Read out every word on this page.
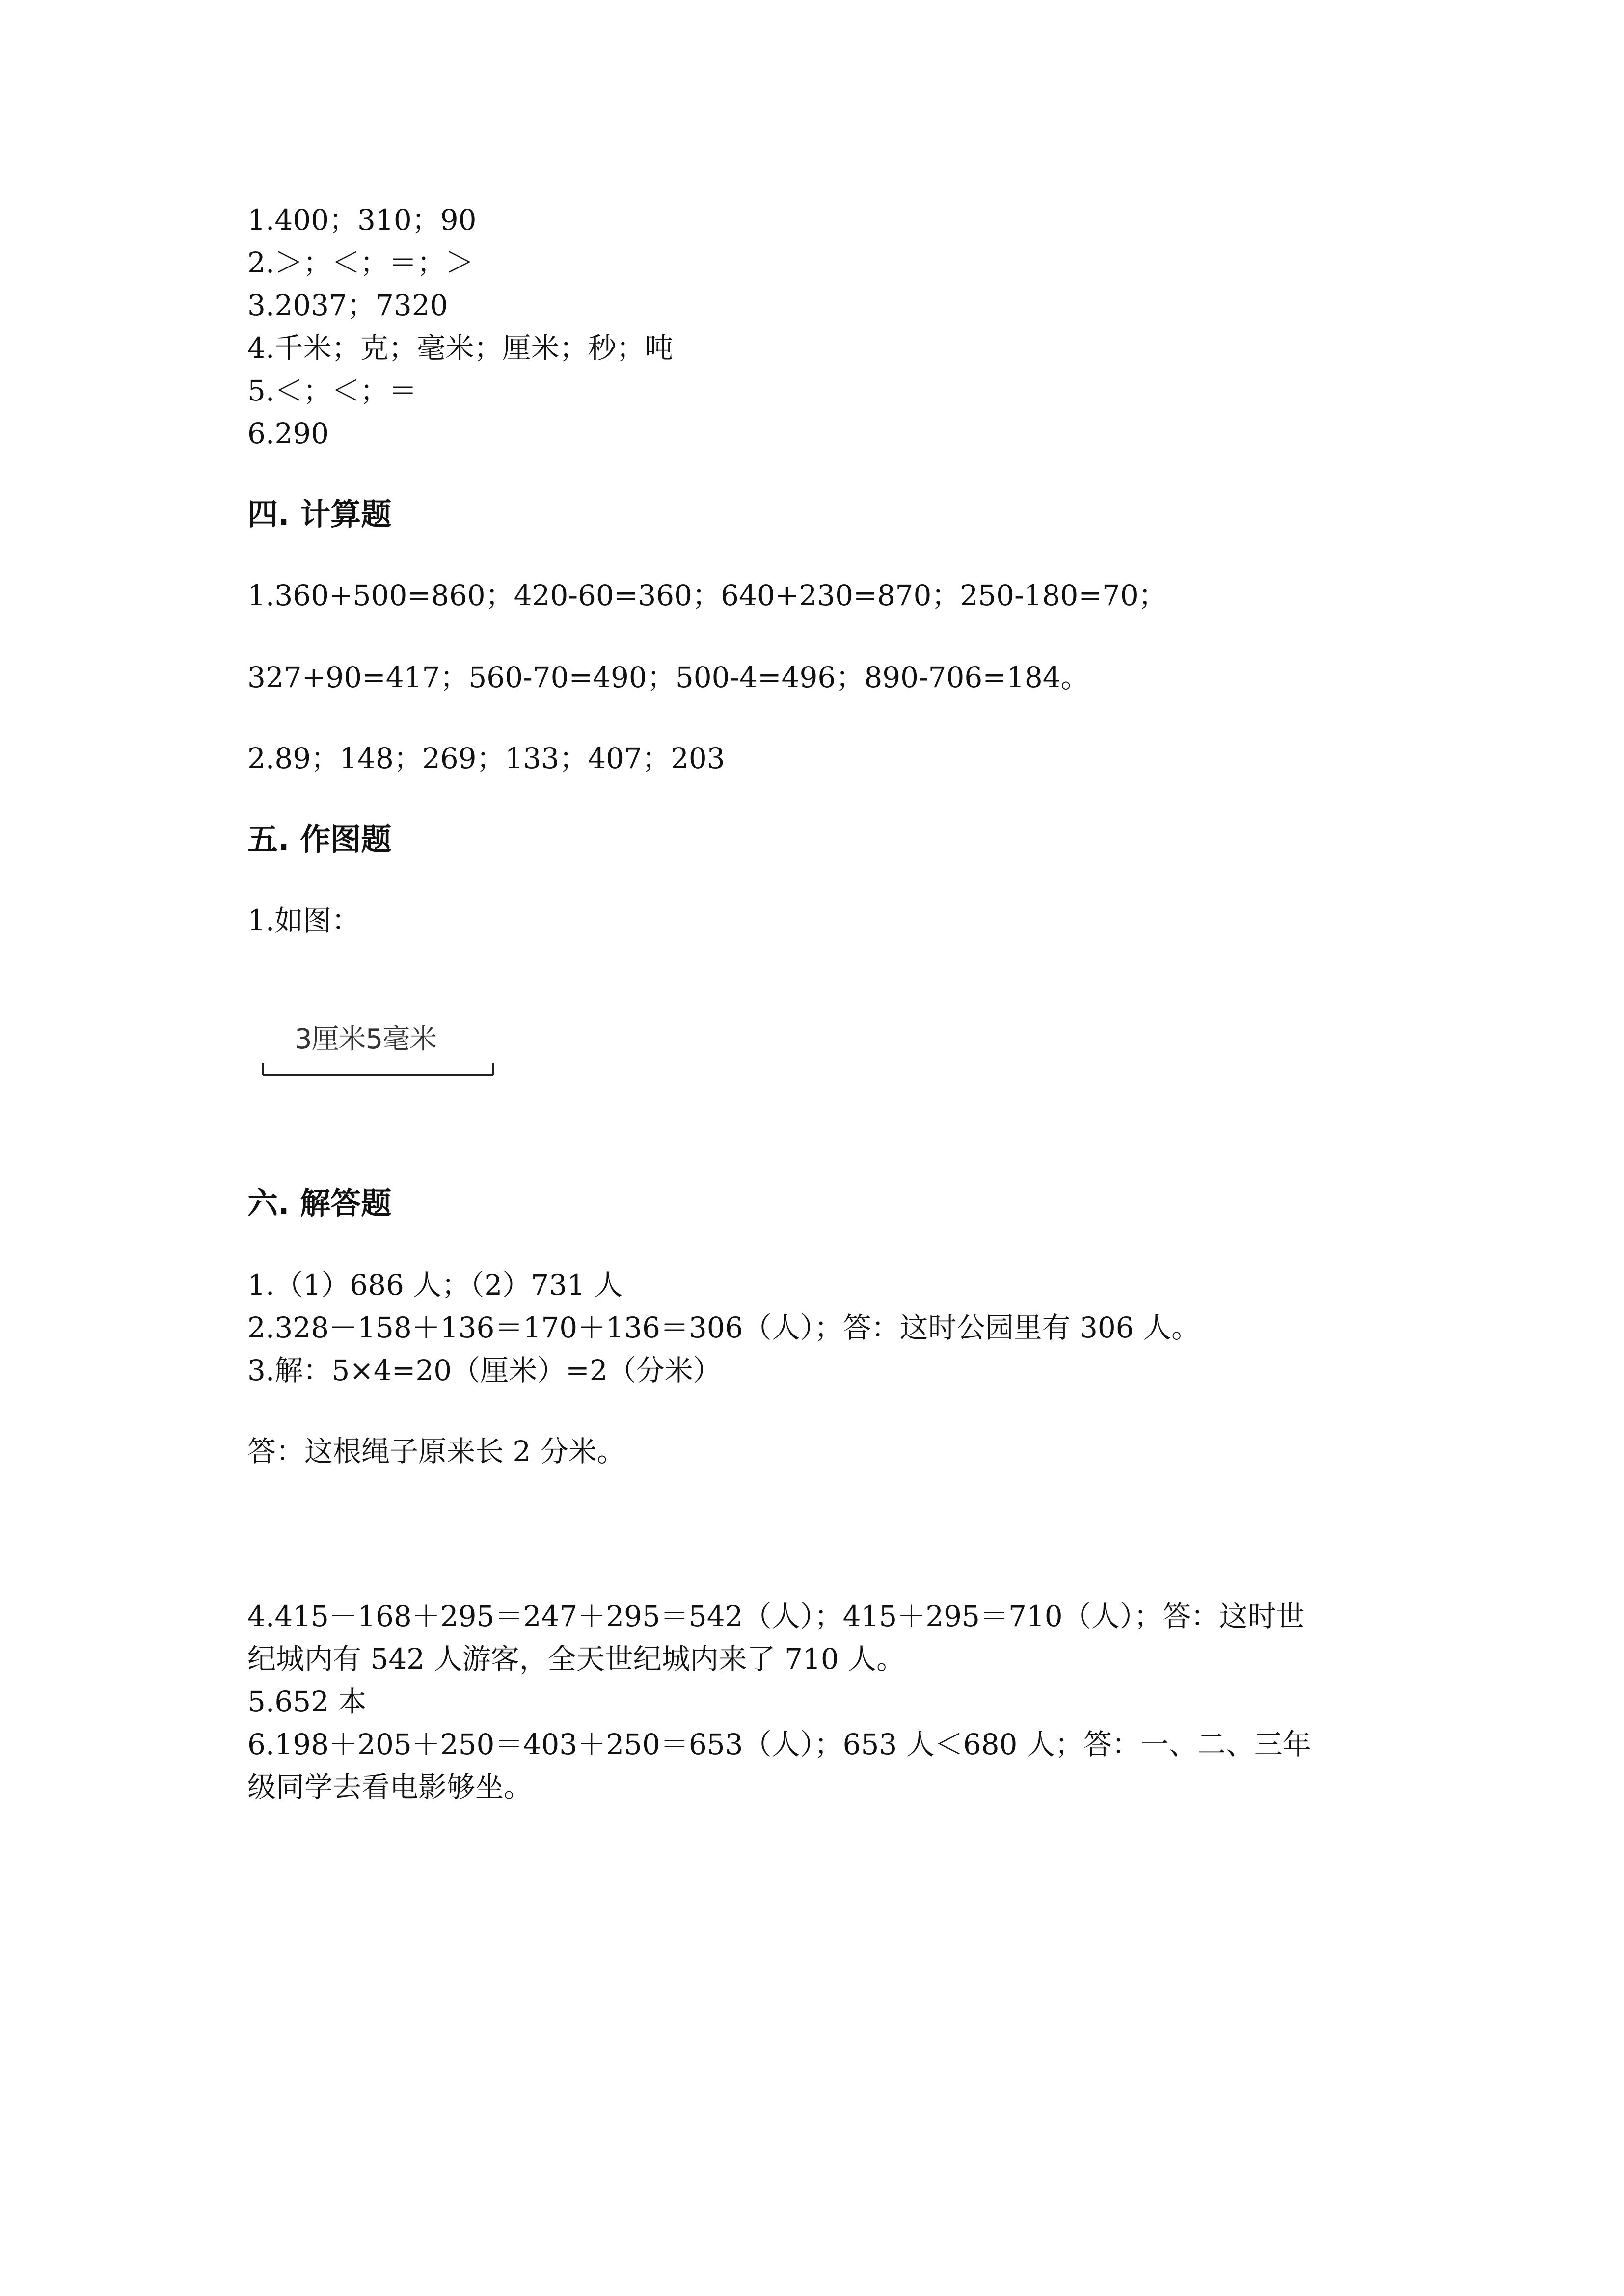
1.400；310；90

2.＞；＜；＝；＞

3.2037；7320

4.千米；克；毫米；厘米；秒；吨

5.＜；＜；＝

6.290

四. 计算题

1.360+500=860；420-60=360；640+230=870；250-180=70；

327+90=417；560-70=490；500-4=496；890-706=184。

2.89；148；269；133；407；203

五. 作图题

1.如图：

3厘米5毫米
六. 解答题

1.（1）686 人；（2）731 人

2.328－158＋136＝170＋136＝306（人）；答：这时公园里有 306 人。

3.解：5×4=20（厘米）=2（分米）

答：这根绳子原来长 2 分米。

4.415－168＋295＝247＋295＝542（人）；415＋295＝710（人）；答：这时世

纪城内有 542 人游客，全天世纪城内来了 710 人。

5.652 本

6.198＋205＋250＝403＋250＝653（人）；653 人＜680 人；答：一、二、三年

级同学去看电影够坐。
